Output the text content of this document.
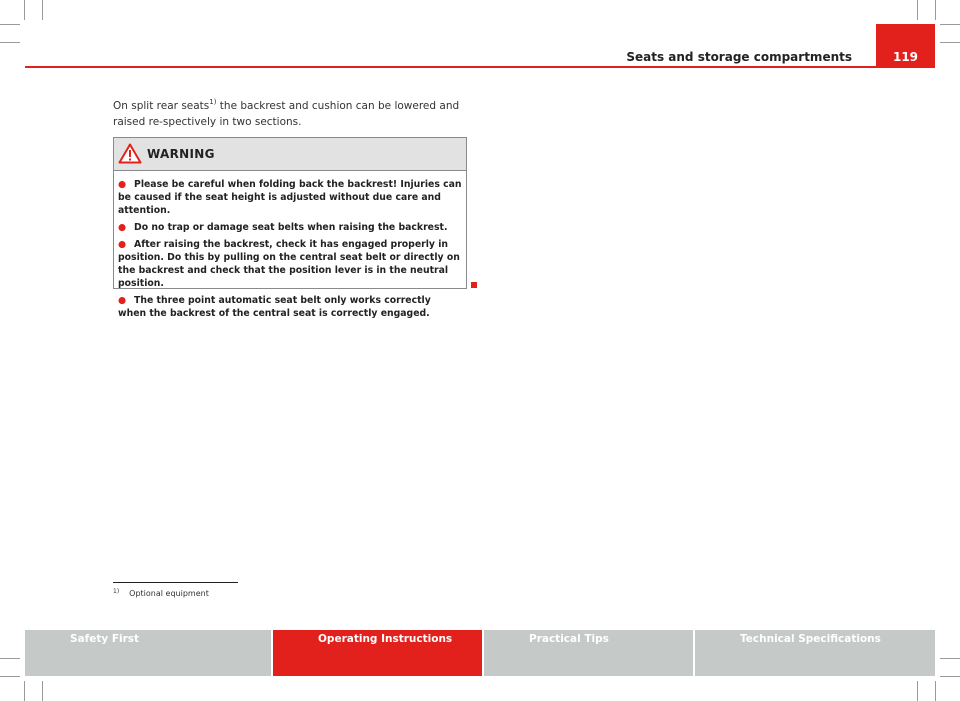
Seats and storage compartments	119
On split rear seats$^{1)}$ the backrest and cushion can be lowered and raised re-spectively in two sections.
WARNING
● Please be careful when folding back the backrest! Injuries can be caused if the seat height is adjusted without due care and attention.
● Do no trap or damage seat belts when raising the backrest.
● After raising the backrest, check it has engaged properly in position. Do this by pulling on the central seat belt or directly on the backrest and check that the position lever is in the neutral position.
● The three point automatic seat belt only works correctly when the backrest of the central seat is correctly engaged.
$^{1)}$ Optional equipment
Safety First	Operating Instructions	Practical Tips	Technical Specifications
